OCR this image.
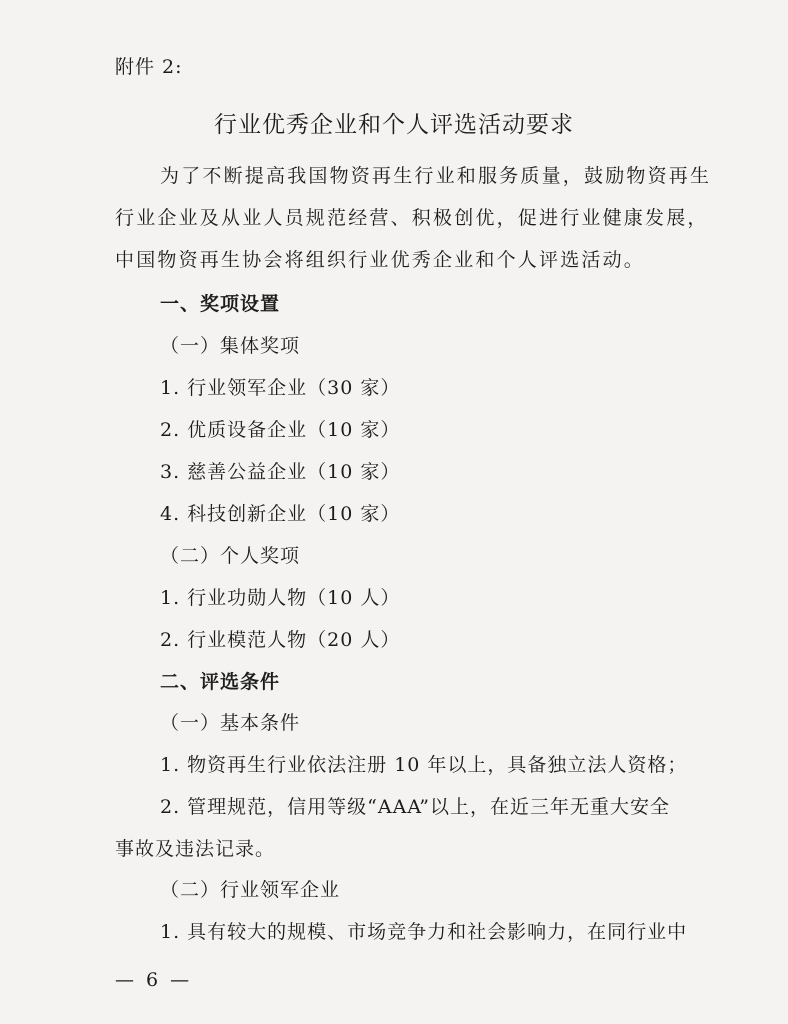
附件 2:
行业优秀企业和个人评选活动要求
为了不断提高我国物资再生行业和服务质量，鼓励物资再生
行业企业及从业人员规范经营、积极创优，促进行业健康发展，
中国物资再生协会将组织行业优秀企业和个人评选活动。
一、奖项设置
（一）集体奖项
1. 行业领军企业（30 家）
2. 优质设备企业（10 家）
3. 慈善公益企业（10 家）
4. 科技创新企业（10 家）
（二）个人奖项
1. 行业功勋人物（10 人）
2. 行业模范人物（20 人）
二、评选条件
（一）基本条件
1. 物资再生行业依法注册 10 年以上，具备独立法人资格；
2. 管理规范，信用等级“AAA”以上，在近三年无重大安全
事故及违法记录。
（二）行业领军企业
1. 具有较大的规模、市场竞争力和社会影响力，在同行业中
— 6 —
